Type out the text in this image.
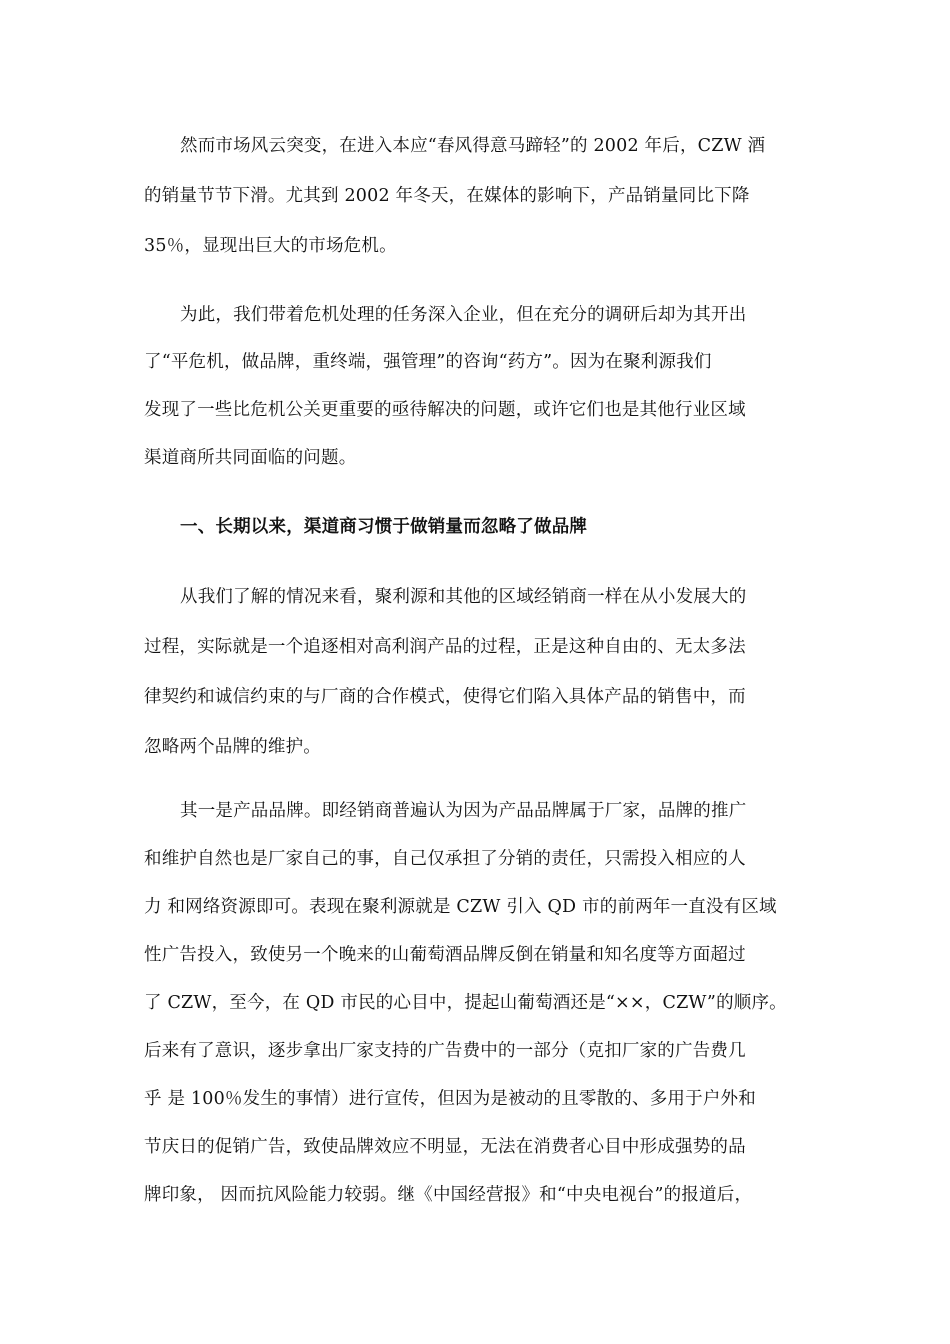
然而市场风云突变，在进入本应“春风得意马蹄轻”的 2002 年后，CZW 酒
的销量节节下滑。尤其到 2002 年冬天，在媒体的影响下，产品销量同比下降
35％，显现出巨大的市场危机。
为此，我们带着危机处理的任务深入企业，但在充分的调研后却为其开出
了“平危机，做品牌，重终端，强管理”的咨询“药方”。因为在聚利源我们
发现了一些比危机公关更重要的亟待解决的问题，或许它们也是其他行业区域
渠道商所共同面临的问题。
一、长期以来，渠道商习惯于做销量而忽略了做品牌
从我们了解的情况来看，聚利源和其他的区域经销商一样在从小发展大的
过程，实际就是一个追逐相对高利润产品的过程，正是这种自由的、无太多法
律契约和诚信约束的与厂商的合作模式，使得它们陷入具体产品的销售中，而
忽略两个品牌的维护。
其一是产品品牌。即经销商普遍认为因为产品品牌属于厂家，品牌的推广
和维护自然也是厂家自己的事，自己仅承担了分销的责任，只需投入相应的人
力 和网络资源即可。表现在聚利源就是 CZW 引入 QD 市的前两年一直没有区域
性广告投入，致使另一个晚来的山葡萄酒品牌反倒在销量和知名度等方面超过
了 CZW，至今，在 QD 市民的心目中，提起山葡萄酒还是“××，CZW”的顺序。
后来有了意识，逐步拿出厂家支持的广告费中的一部分（克扣厂家的广告费几
乎 是 100％发生的事情）进行宣传，但因为是被动的且零散的、多用于户外和
节庆日的促销广告，致使品牌效应不明显，无法在消费者心目中形成强势的品
牌印象， 因而抗风险能力较弱。继《中国经营报》和“中央电视台”的报道后，
